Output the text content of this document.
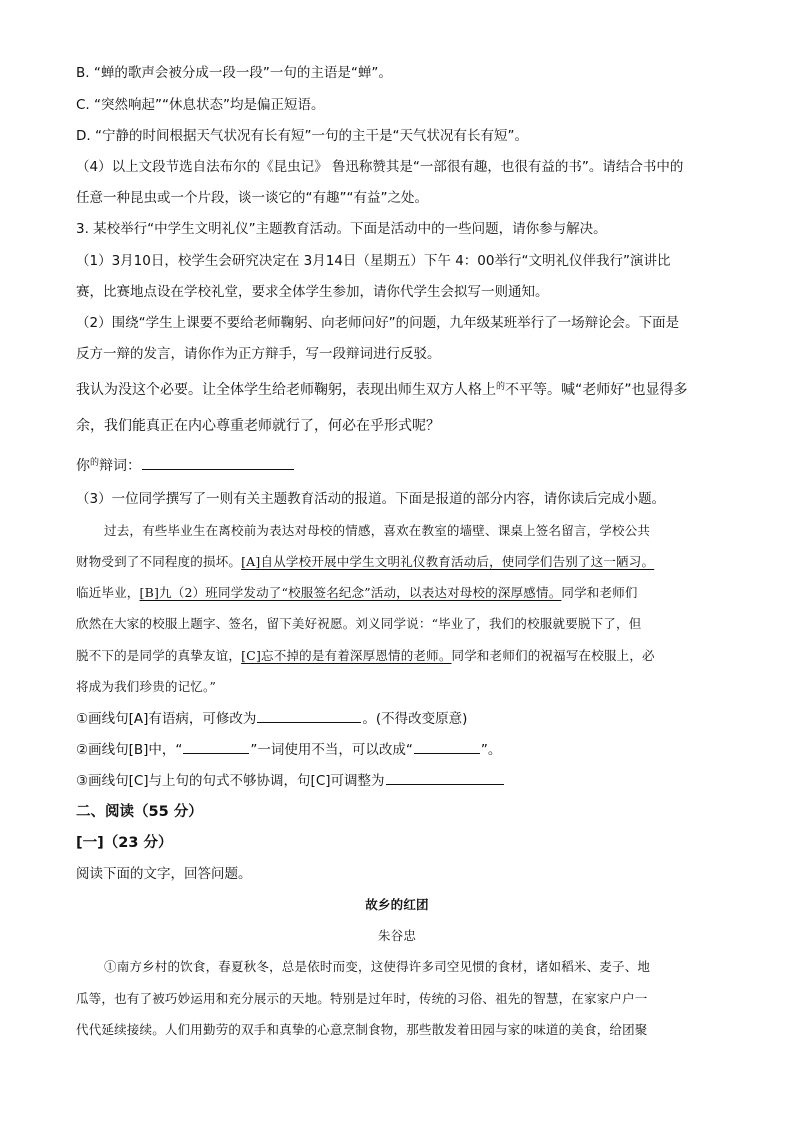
B. “蝉的歌声会被分成一段一段”一句的主语是“蝉”。
C. “突然响起”“休息状态”均是偏正短语。
D. “宁静的时间根据天气状况有长有短”一句的主干是“天气状况有长有短”。
（4）以上文段节选自法布尔的《昆虫记》 鲁迅称赞其是“一部很有趣，也很有益的书”。请结合书中的
任意一种昆虫或一个片段，谈一谈它的“有趣”“有益”之处。
3. 某校举行“中学生文明礼仪”主题教育活动。下面是活动中的一些问题，请你参与解决。
（1）3月10日，校学生会研究决定在 3月14日（星期五）下午 4：00举行“文明礼仪伴我行”演讲比
赛，比赛地点设在学校礼堂，要求全体学生参加，请你代学生会拟写一则通知。
（2）围绕“学生上课要不要给老师鞠躬、向老师问好”的问题，九年级某班举行了一场辩论会。下面是
反方一辩的发言，请你作为正方辩手，写一段辩词进行反驳。
我认为没这个必要。让全体学生给老师鞠躬，表现出师生双方人格上$^的$不平等。喊“老师好”也显得多
余，我们能真正在内心尊重老师就行了，何必在乎形式呢？
你$^的$辩词：
（3）一位同学撰写了一则有关主题教育活动的报道。下面是报道的部分内容，请你读后完成小题。
过去，有些毕业生在离校前为表达对母校的情感，喜欢在教室的墙壁、课桌上签名留言，学校公共
财物受到了不同程度的损坏。[A]自从学校开展中学生文明礼仪教育活动后，使同学们告别了这一陋习。
临近毕业，[B]九（2）班同学发动了“校服签名纪念”活动，以表达对母校的深厚感情。同学和老师们
欣然在大家的校服上题字、签名，留下美好祝愿。刘义同学说：“毕业了，我们的校服就要脱下了，但
脱不下的是同学的真挚友谊，[C]忘不掉的是有着深厚恩情的老师。同学和老师们的祝福写在校服上，必
将成为我们珍贵的记忆。”
①画线句[A]有语病，可修改为	。(不得改变原意)
②画线句[B]中，“	”一词使用不当，可以改成“	”。
③画线句[C]与上句的句式不够协调，句[C]可调整为
二、阅读（55 分）
[一]（23 分）
阅读下面的文字，回答问题。
故乡的红团
朱谷忠
①南方乡村的饮食，春夏秋冬，总是依时而变，这使得许多司空见惯的食材，诸如稻米、麦子、地
瓜等，也有了被巧妙运用和充分展示的天地。特别是过年时，传统的习俗、祖先的智慧，在家家户户一
代代延续接续。人们用勤劳的双手和真挚的心意烹制食物，那些散发着田园与家的味道的美食，给团聚
